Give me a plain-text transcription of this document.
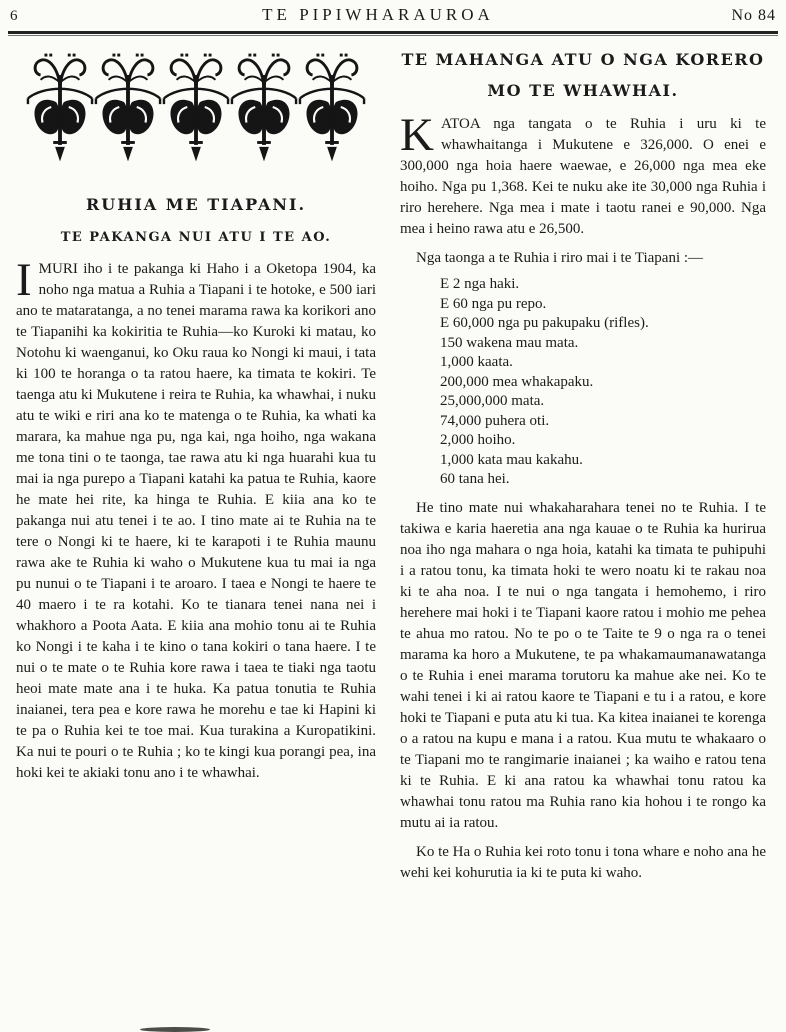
6	TE PIPIWHARAUROA	No 84
RUHIA ME TIAPANI.
TE PAKANGA NUI ATU I TE AO.

IMURI iho i te pakanga ki Haho i a Oketopa 1904, ka noho nga matua a Ruhia a Tiapani i te hotoke, e 500 iari ano te mataratanga, a no tenei marama rawa ka korikori ano te Tiapanihi ka kokiritia te Ruhia—ko Kuroki ki matau, ko Notohu ki waenganui, ko Oku raua ko Nongi ki maui, i tata ki 100 te horanga o ta ratou haere, ka timata te kokiri. Te taenga atu ki Mukutene i reira te Ruhia, ka whawhai, i nuku atu te wiki e riri ana ko te matenga o te Ruhia, ka whati ka marara, ka mahue nga pu, nga kai, nga hoiho, nga wakana me tona tini o te taonga, tae rawa atu ki nga huarahi kua tu mai ia nga purepo a Tiapani katahi ka patua te Ruhia, kaore he mate hei rite, ka hinga te Ruhia. E kiia ana ko te pakanga nui atu tenei i te ao. I tino mate ai te Ruhia na te tere o Nongi ki te haere, ki te karapoti i te Ruhia maunu rawa ake te Ruhia ki waho o Mukutene kua tu mai ia nga pu nunui o te Tiapani i te aroaro. I taea e Nongi te haere te 40 maero i te ra kotahi. Ko te tianara tenei nana nei i whakhoro a Poota Aata. E kiia ana mohio tonu ai te Ruhia ko Nongi i te kaha i te kino o tana kokiri o tana haere. I te nui o te mate o te Ruhia kore rawa i taea te tiaki nga taotu heoi mate mate ana i te huka. Ka patua tonutia te Ruhia inaianei, tera pea e kore rawa he morehu e tae ki Hapini ki te pa o Ruhia kei te toe mai. Kua turakina a Kuropatikini. Ka nui te pouri o te Ruhia ; ko te kingi kua porangi pea, ina hoki kei te akiaki tonu ano i te whawhai.

TE MAHANGA ATU O NGA KORERO
MO TE WHAWHAI.

KATOA nga tangata o te Ruhia i uru ki te whawhaitanga i Mukutene e 326,000. O enei e 300,000 nga hoia haere waewae, e 26,000 nga mea eke hoiho. Nga pu 1,368. Kei te nuku ake ite 30,000 nga Ruhia i riro herehere. Nga mea i mate i taotu ranei e 90,000. Nga mea i heino rawa atu e 26,500.

Nga taonga a te Ruhia i riro mai i te Tiapani :—

E 2 nga haki.
E 60 nga pu repo.
E 60,000 nga pu pakupaku (rifles).
150 wakena mau mata.
1,000 kaata.
200,000 mea whakapaku.
25,000,000 mata.
74,000 puhera oti.
2,000 hoiho.
1,000 kata mau kakahu.
60 tana hei.

He tino mate nui whakaharahara tenei no te Ruhia. I te takiwa e karia haeretia ana nga kauae o te Ruhia ka hurirua noa iho nga mahara o nga hoia, katahi ka timata te puhipuhi i a ratou tonu, ka timata hoki te wero noatu ki te rakau noa ki te aha noa. I te nui o nga tangata i hemohemo, i riro herehere mai hoki i te Tiapani kaore ratou i mohio me pehea te ahua mo ratou. No te po o te Taite te 9 o nga ra o tenei marama ka horo a Mukutene, te pa whakamaumanawatanga o te Ruhia i enei marama torutoru ka mahue ake nei. Ko te wahi tenei i ki ai ratou kaore te Tiapani e tu i a ratou, e kore hoki te Tiapani e puta atu ki tua. Ka kitea inaianei te korenga o a ratou na kupu e mana i a ratou. Kua mutu te whakaaro o te Tiapani mo te rangimarie inaianei ; ka waiho e ratou tena ki te Ruhia. E ki ana ratou ka whawhai tonu ratou ka whawhai tonu ratou ma Ruhia rano kia hohou i te rongo ka mutu ai ia ratou.

Ko te Ha o Ruhia kei roto tonu i tona whare e noho ana he wehi kei kohurutia ia ki te puta ki waho.
